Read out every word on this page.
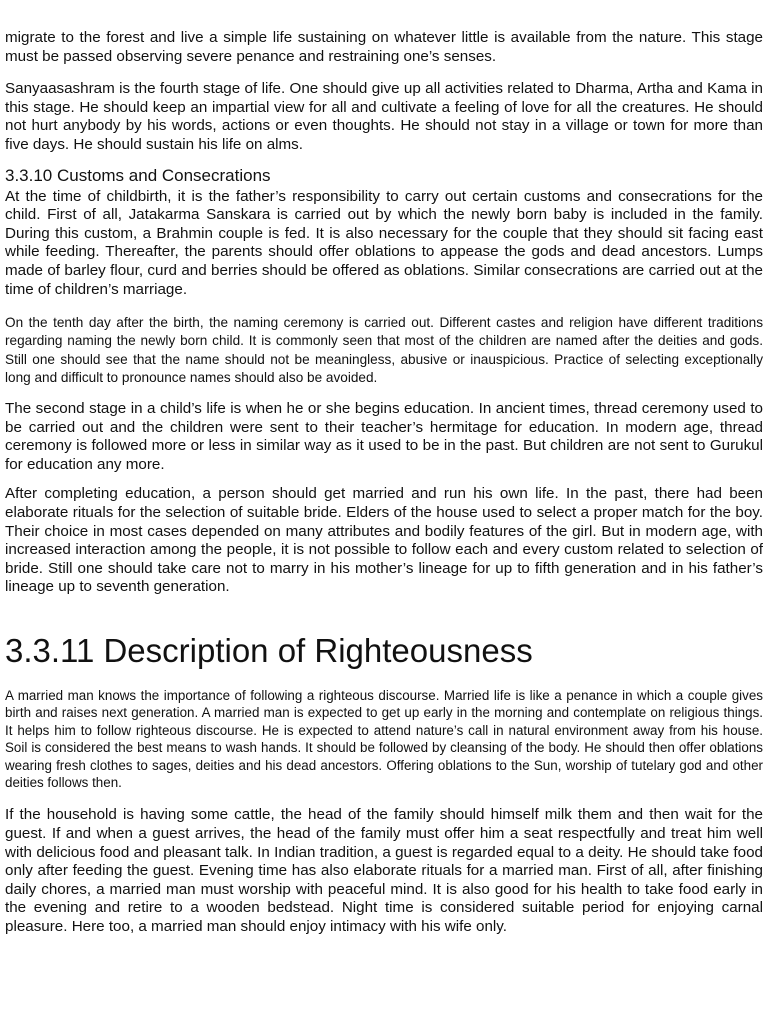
migrate to the forest and live a simple life sustaining on whatever little is available from the nature. This stage must be passed observing severe penance and restraining one’s senses.

Sanyaasashram is the fourth stage of life. One should give up all activities related to Dharma, Artha and Kama in this stage. He should keep an impartial view for all and cultivate a feeling of love for all the creatures. He should not hurt anybody by his words, actions or even thoughts. He should not stay in a village or town for more than five days. He should sustain his life on alms.

3.3.10 Customs and Consecrations

At the time of childbirth, it is the father’s responsibility to carry out certain customs and consecrations for the child. First of all, Jatakarma Sanskara is carried out by which the newly born baby is included in the family. During this custom, a Brahmin couple is fed. It is also necessary for the couple that they should sit facing east while feeding. Thereafter, the parents should offer oblations to appease the gods and dead ancestors. Lumps made of barley flour, curd and berries should be offered as oblations. Similar consecrations are carried out at the time of children’s marriage.

On the tenth day after the birth, the naming ceremony is carried out. Different castes and religion have different traditions regarding naming the newly born child. It is commonly seen that most of the children are named after the deities and gods. Still one should see that the name should not be meaningless, abusive or inauspicious. Practice of selecting exceptionally long and difficult to pronounce names should also be avoided.

The second stage in a child’s life is when he or she begins education. In ancient times, thread ceremony used to be carried out and the children were sent to their teacher’s hermitage for education. In modern age, thread ceremony is followed more or less in similar way as it used to be in the past. But children are not sent to Gurukul for education any more.

After completing education, a person should get married and run his own life. In the past, there had been elaborate rituals for the selection of suitable bride. Elders of the house used to select a proper match for the boy. Their choice in most cases depended on many attributes and bodily features of the girl. But in modern age, with increased interaction among the people, it is not possible to follow each and every custom related to selection of bride. Still one should take care not to marry in his mother’s lineage for up to fifth generation and in his father’s lineage up to seventh generation.

3.3.11 Description of Righteousness

A married man knows the importance of following a righteous discourse. Married life is like a penance in which a couple gives birth and raises next generation. A married man is expected to get up early in the morning and contemplate on religious things. It helps him to follow righteous discourse. He is expected to attend nature’s call in natural environment away from his house. Soil is considered the best means to wash hands. It should be followed by cleansing of the body. He should then offer oblations wearing fresh clothes to sages, deities and his dead ancestors. Offering oblations to the Sun, worship of tutelary god and other deities follows then.

If the household is having some cattle, the head of the family should himself milk them and then wait for the guest. If and when a guest arrives, the head of the family must offer him a seat respectfully and treat him well with delicious food and pleasant talk. In Indian tradition, a guest is regarded equal to a deity. He should take food only after feeding the guest. Evening time has also elaborate rituals for a married man. First of all, after finishing daily chores, a married man must worship with peaceful mind. It is also good for his health to take food early in the evening and retire to a wooden bedstead. Night time is considered suitable period for enjoying carnal pleasure. Here too, a married man should enjoy intimacy with his wife only.
